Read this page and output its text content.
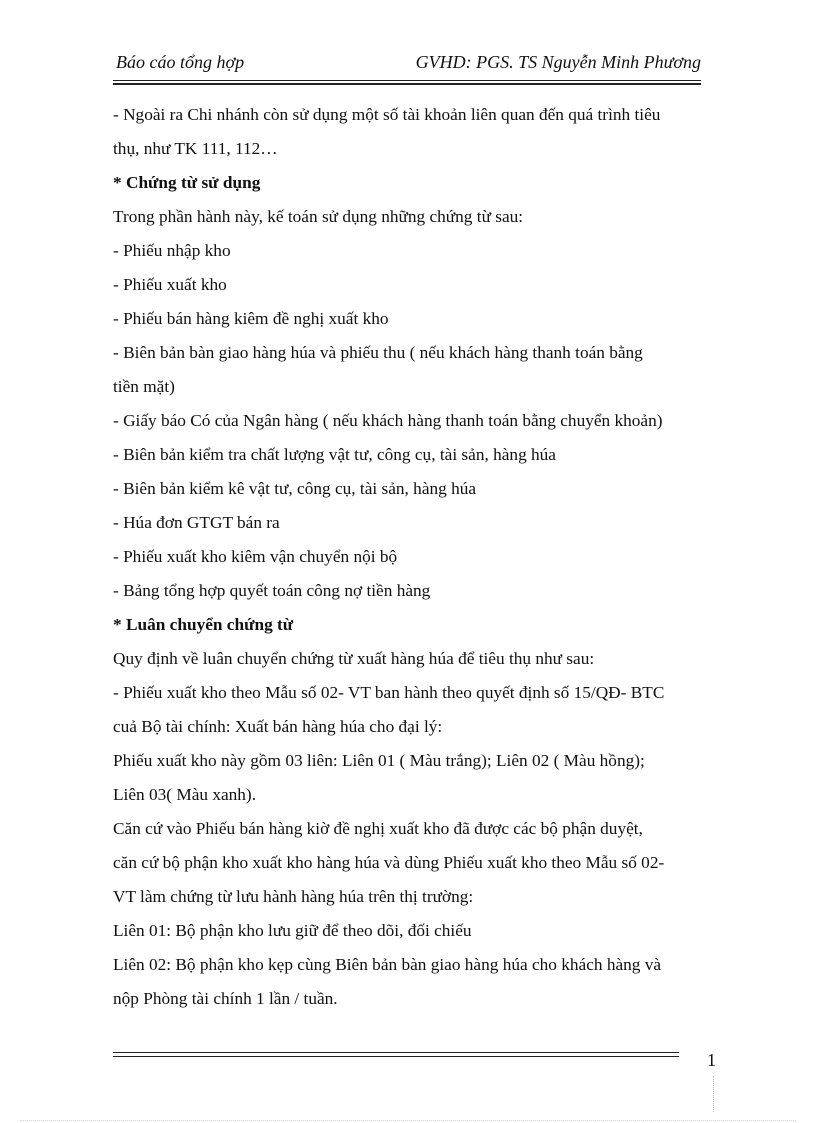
Báo cáo tổng hợp	GVHD: PGS. TS Nguyễn Minh Phương

- Ngoài ra Chi nhánh còn sử dụng một số tài khoản liên quan đến quá trình tiêu

thụ, như TK 111, 112…

* Chứng từ sử dụng

Trong phần hành này, kế toán sử dụng những chứng từ sau:

- Phiếu nhập kho

- Phiếu xuất kho

- Phiếu bán hàng kiêm đề nghị xuất kho

- Biên bản bàn giao hàng húa và phiếu thu ( nếu khách hàng thanh toán bằng

tiền mặt)

- Giấy báo Có của Ngân hàng ( nếu khách hàng thanh toán bằng chuyển khoản)

- Biên bản kiểm tra chất lượng vật tư, công cụ, tài sản, hàng húa

- Biên bản kiểm kê vật tư, công cụ, tài sản, hàng húa

- Húa đơn GTGT bán ra

- Phiếu xuất kho kiêm vận chuyển nội bộ

- Bảng tổng hợp quyết toán công nợ tiền hàng

* Luân chuyển chứng từ

Quy định về luân chuyển chứng từ xuất hàng húa để tiêu thụ như sau:

- Phiếu xuất kho theo Mẫu số 02- VT ban hành theo quyết định số 15/QĐ- BTC

cuả Bộ tài chính: Xuất bán hàng húa cho đại lý:

Phiếu xuất kho này gồm 03 liên: Liên 01 ( Màu trắng); Liên 02 ( Màu hồng);

Liên 03( Màu xanh).

Căn cứ vào Phiếu bán hàng kiờ đề nghị xuất kho đã được các bộ phận duyệt,

căn cứ bộ phận kho xuất kho hàng húa và dùng Phiếu xuất kho theo Mẫu số 02-

VT làm chứng từ lưu hành hàng húa trên thị trường:

Liên 01: Bộ phận kho lưu giữ để theo dõi, đối chiếu

Liên 02: Bộ phận kho kẹp cùng Biên bản bàn giao hàng húa cho khách hàng và

nộp Phòng tài chính 1 lần / tuần.

1
